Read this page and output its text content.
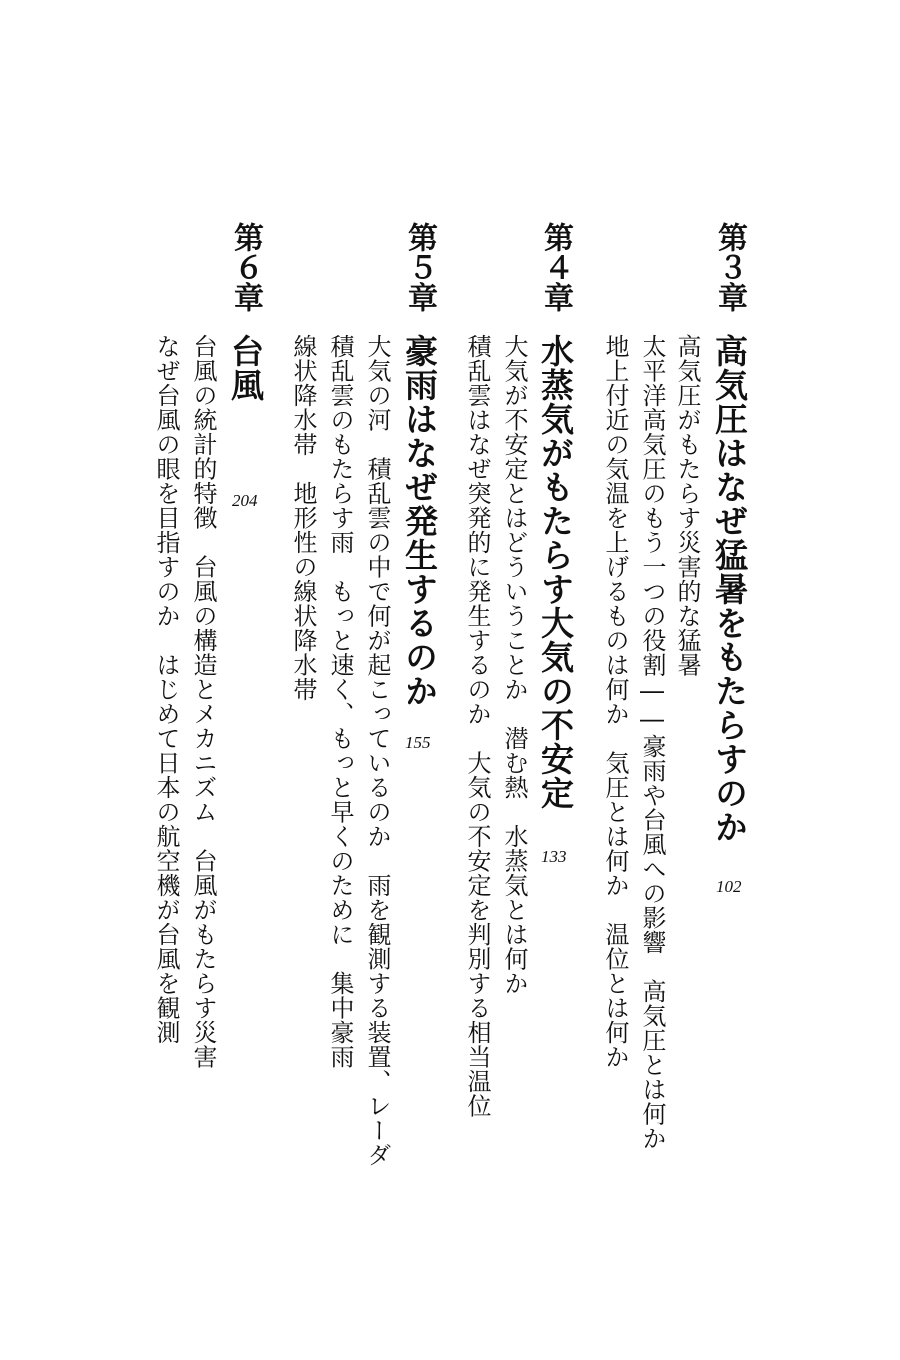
第３章
高気圧はなぜ猛暑をもたらすのか
102
高気圧がもたらす災害的な猛暑
太平洋高気圧のもう一つの役割――豪雨や台風への影響　高気圧とは何か
地上付近の気温を上げるものは何か　気圧とは何か　温位とは何か
第４章
水蒸気がもたらす大気の不安定
133
大気が不安定とはどういうことか　潜む熱　水蒸気とは何か
積乱雲はなぜ突発的に発生するのか　大気の不安定を判別する相当温位
第５章
豪雨はなぜ発生するのか
155
大気の河　積乱雲の中で何が起こっているのか　雨を観測する装置、レーダ
積乱雲のもたらす雨　もっと速く、もっと早くのために　集中豪雨
線状降水帯　地形性の線状降水帯
第６章
台風
204
台風の統計的特徴　台風の構造とメカニズム　台風がもたらす災害
なぜ台風の眼を目指すのか　はじめて日本の航空機が台風を観測
